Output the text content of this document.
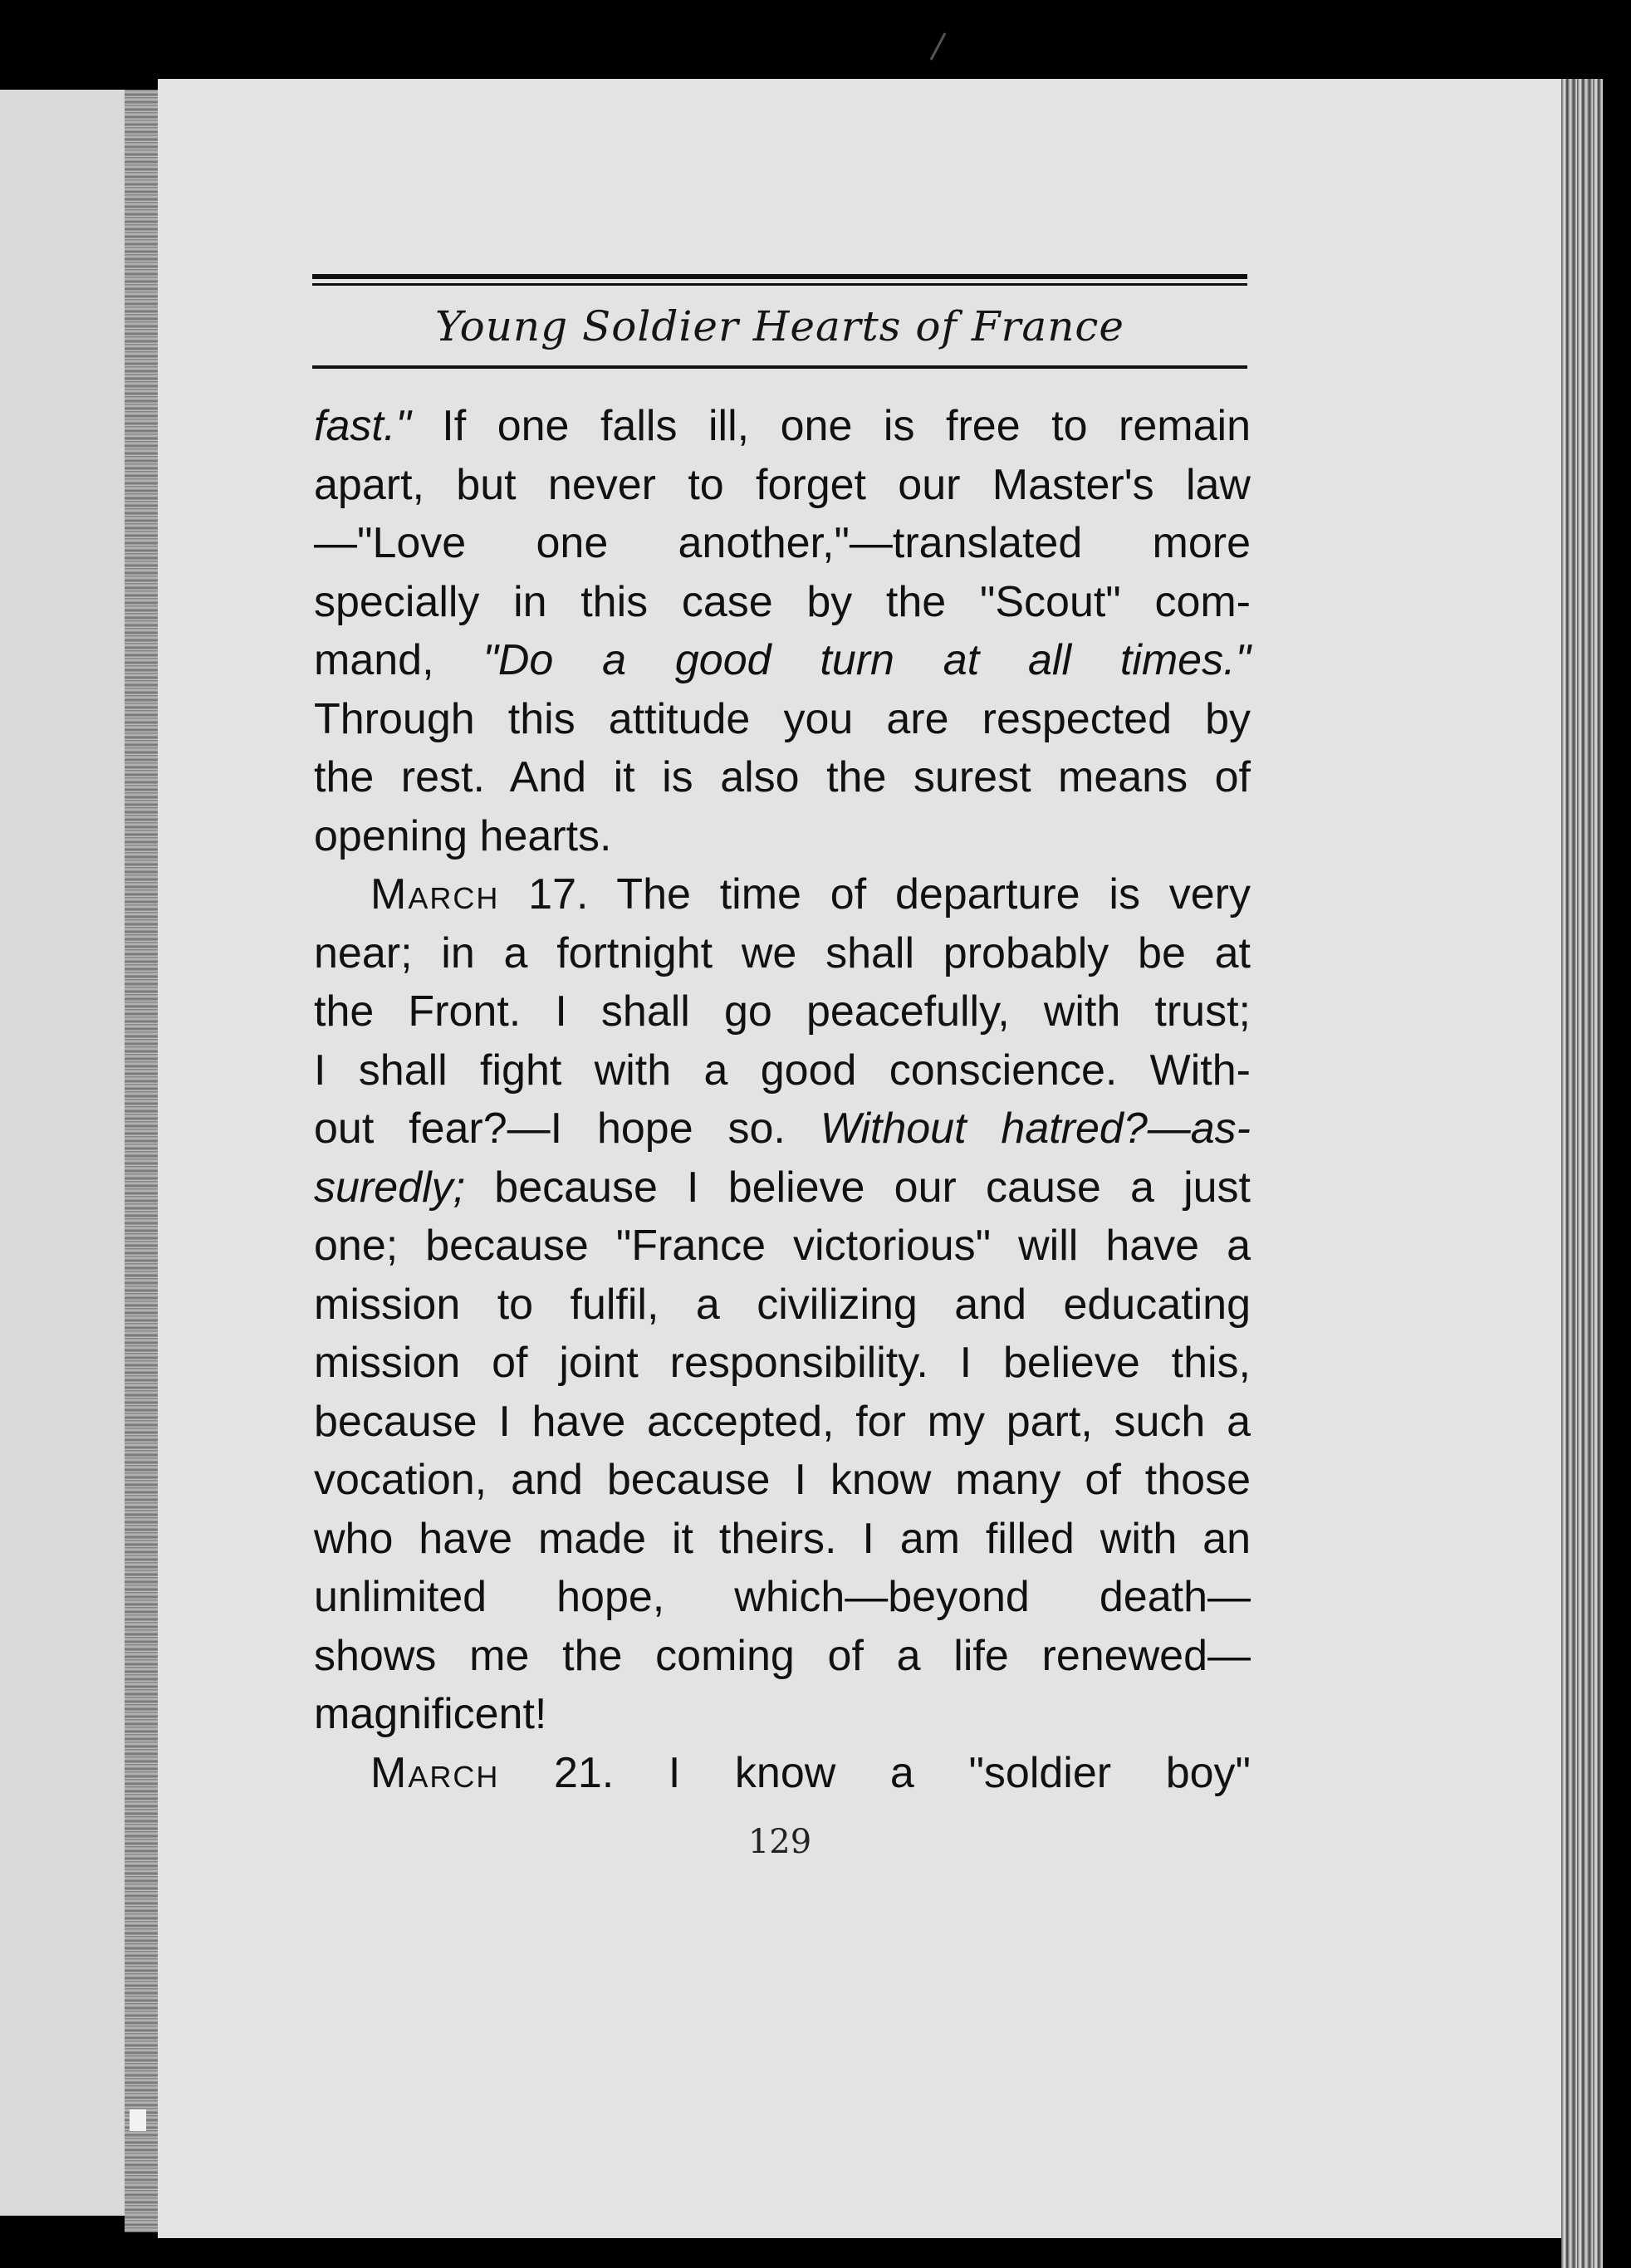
Young Soldier Hearts of France
fast." If one falls ill, one is free to remain
apart, but never to forget our Master's law
—"Love one another,"—translated more
specially in this case by the "Scout" com-
mand, "Do a good turn at all times."
Through this attitude you are respected by
the rest. And it is also the surest means of
opening hearts.
March 17. The time of departure is very
near; in a fortnight we shall probably be at
the Front. I shall go peacefully, with trust;
I shall fight with a good conscience. With-
out fear?—I hope so. Without hatred?—as-
suredly; because I believe our cause a just
one; because "France victorious" will have a
mission to fulfil, a civilizing and educating
mission of joint responsibility. I believe this,
because I have accepted, for my part, such a
vocation, and because I know many of those
who have made it theirs. I am filled with an
unlimited hope, which—beyond death—
shows me the coming of a life renewed—
magnificent!
March 21. I know a "soldier boy"
129
